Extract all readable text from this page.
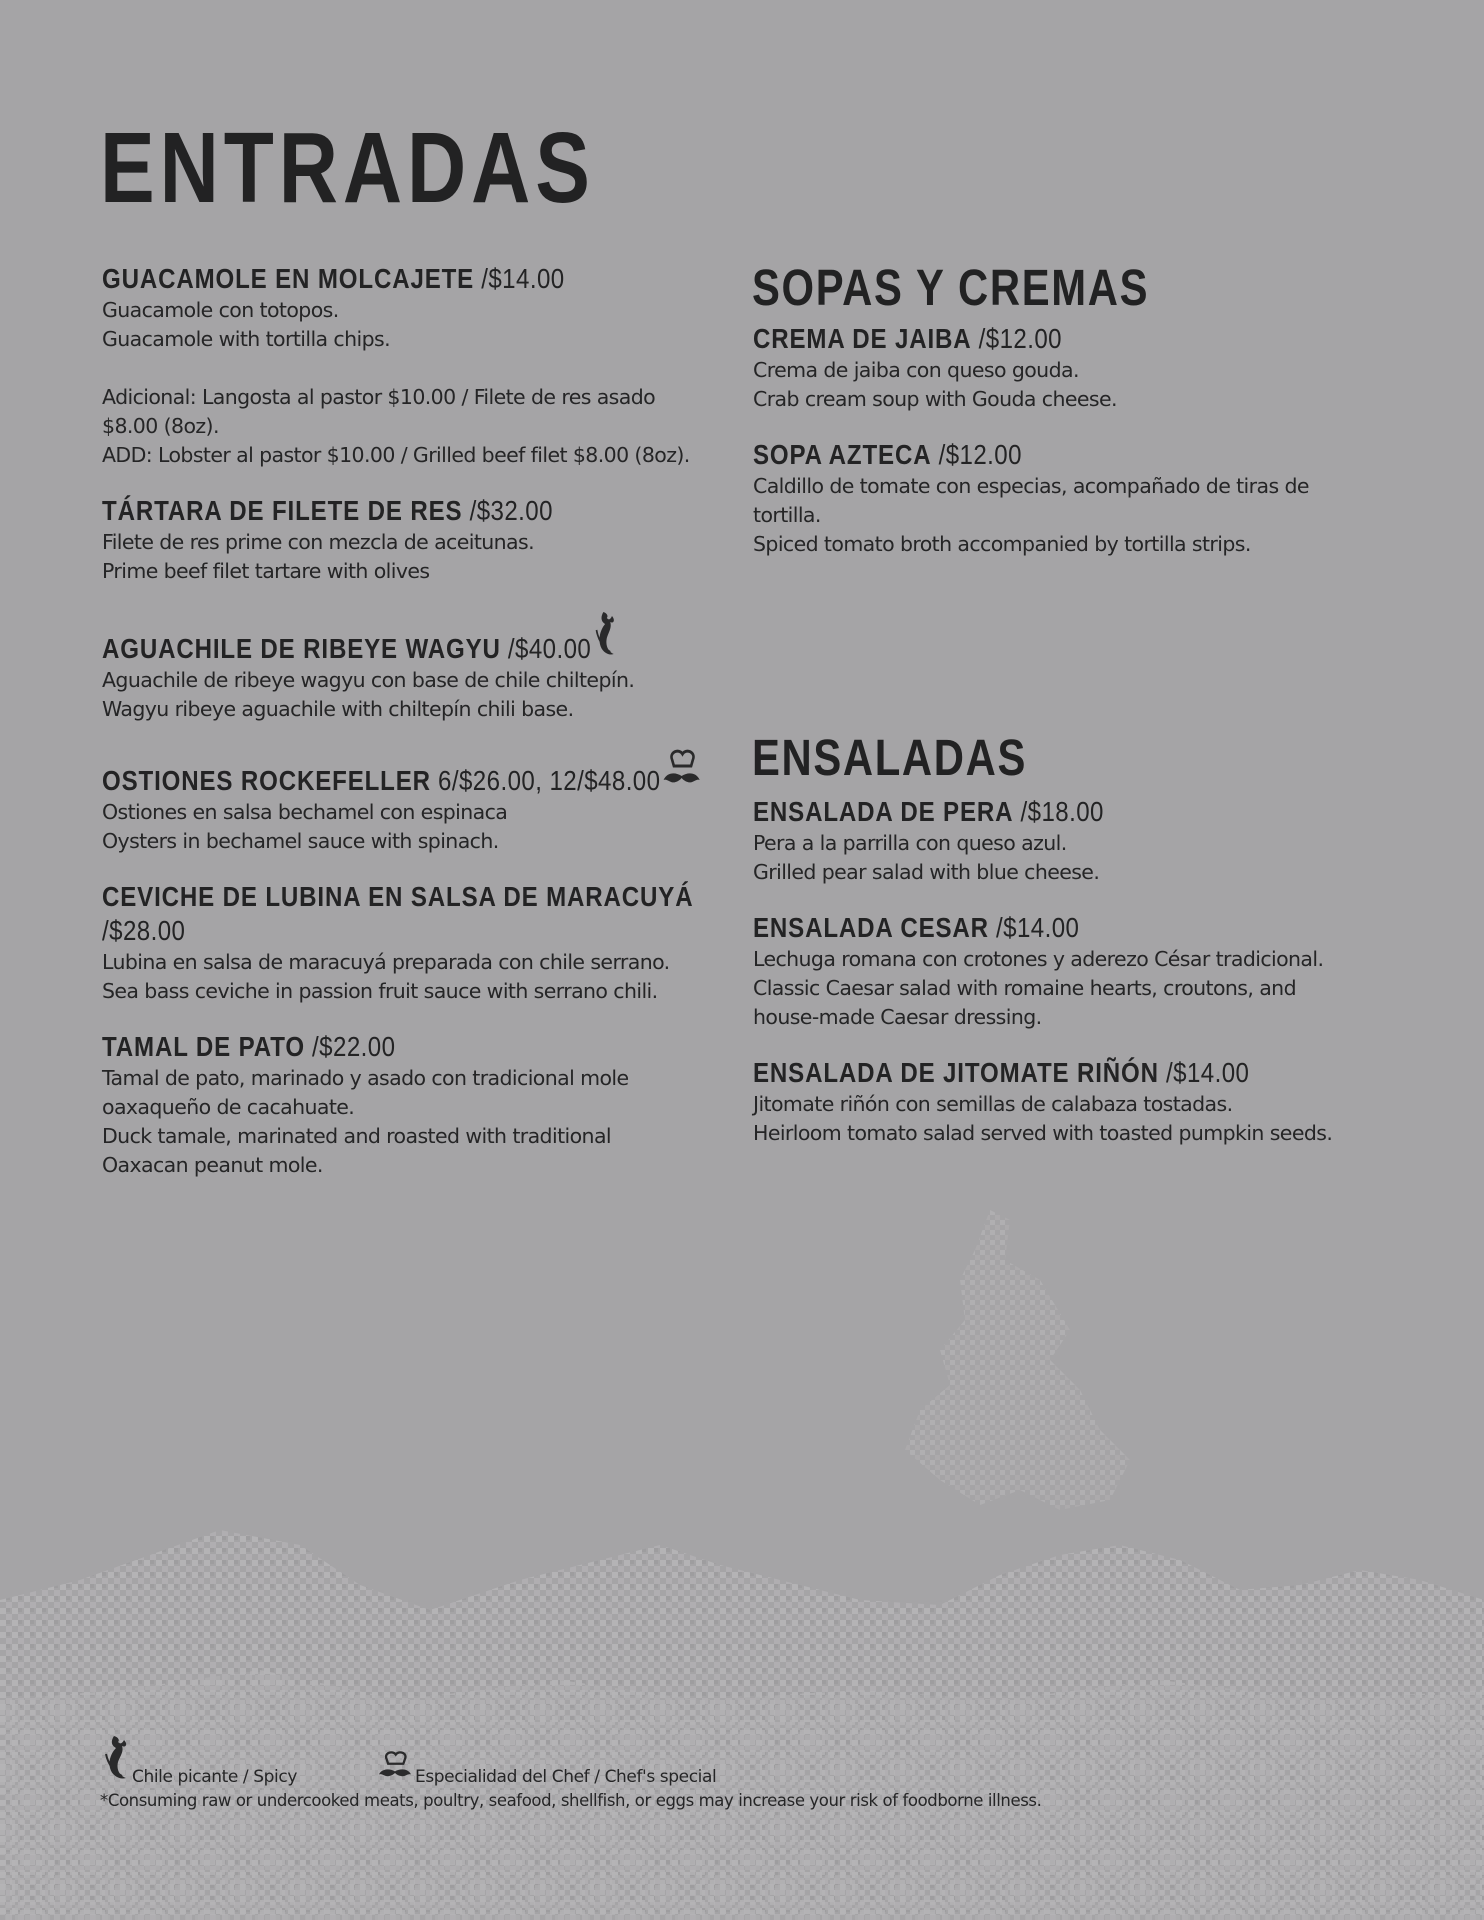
ENTRADAS
GUACAMOLE EN MOLCAJETE /$14.00
Guacamole con totopos.
Guacamole with tortilla chips.

Adicional: Langosta al pastor $10.00 / Filete de res asado
$8.00 (8oz).
ADD: Lobster al pastor $10.00 / Grilled beef filet $8.00 (8oz).
TÁRTARA DE FILETE DE RES /$32.00
Filete de res prime con mezcla de aceitunas.
Prime beef filet tartare with olives
AGUACHILE DE RIBEYE WAGYU /$40.00
Aguachile de ribeye wagyu con base de chile chiltepín.
Wagyu ribeye aguachile with chiltepín chili base.
OSTIONES ROCKEFELLER 6/$26.00, 12/$48.00
Ostiones en salsa bechamel con espinaca
Oysters in bechamel sauce with spinach.
CEVICHE DE LUBINA EN SALSA DE MARACUYÁ
/$28.00
Lubina en salsa de maracuyá preparada con chile serrano.
Sea bass ceviche in passion fruit sauce with serrano chili.
TAMAL DE PATO /$22.00
Tamal de pato, marinado y asado con tradicional mole
oaxaqueño de cacahuate.
Duck tamale, marinated and roasted with traditional
Oaxacan peanut mole.
SOPAS Y CREMAS
CREMA DE JAIBA /$12.00
Crema de jaiba con queso gouda.
Crab cream soup with Gouda cheese.
SOPA AZTECA /$12.00
Caldillo de tomate con especias, acompañado de tiras de
tortilla.
Spiced tomato broth accompanied by tortilla strips.
ENSALADAS
ENSALADA DE PERA /$18.00
Pera a la parrilla con queso azul.
Grilled pear salad with blue cheese.
ENSALADA CESAR /$14.00
Lechuga romana con crotones y aderezo César tradicional.
Classic Caesar salad with romaine hearts, croutons, and
house-made Caesar dressing.
ENSALADA DE JITOMATE RIÑÓN /$14.00
Jitomate riñón con semillas de calabaza tostadas.
Heirloom tomato salad served with toasted pumpkin seeds.
Chile picante / Spicy	Especialidad del Chef / Chef's special
*Consuming raw or undercooked meats, poultry, seafood, shellfish, or eggs may increase your risk of foodborne illness.
